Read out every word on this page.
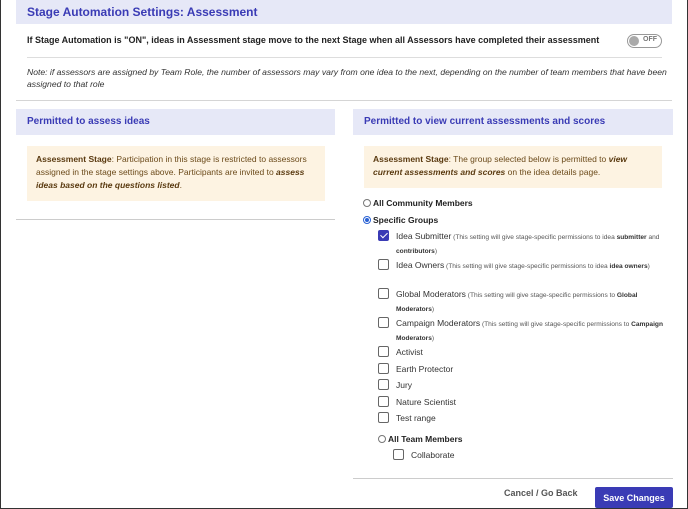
Stage Automation Settings: Assessment
If Stage Automation is "ON", ideas in Assessment stage move to the next Stage when all Assessors have completed their assessment	OFF
Note: if assessors are assigned by Team Role, the number of assessors may vary from one idea to the next, depending on the number of team members that have been assigned to that role
Permitted to assess ideas
Assessment Stage: Participation in this stage is restricted to assessors assigned in the stage settings above. Participants are invited to assess ideas based on the questions listed.
Permitted to view current assessments and scores
Assessment Stage: The group selected below is permitted to view current assessments and scores on the idea details page.
All Community Members
Specific Groups
Idea Submitter (This setting will give stage-specific permissions to idea submitter and contributors)
Idea Owners (This setting will give stage-specific permissions to idea idea owners)
Global Moderators (This setting will give stage-specific permissions to Global Moderators)
Campaign Moderators (This setting will give stage-specific permissions to Campaign Moderators)
Activist
Earth Protector
Jury
Nature Scientist
Test range
All Team Members
Collaborate
Cancel / Go Back	Save Changes
